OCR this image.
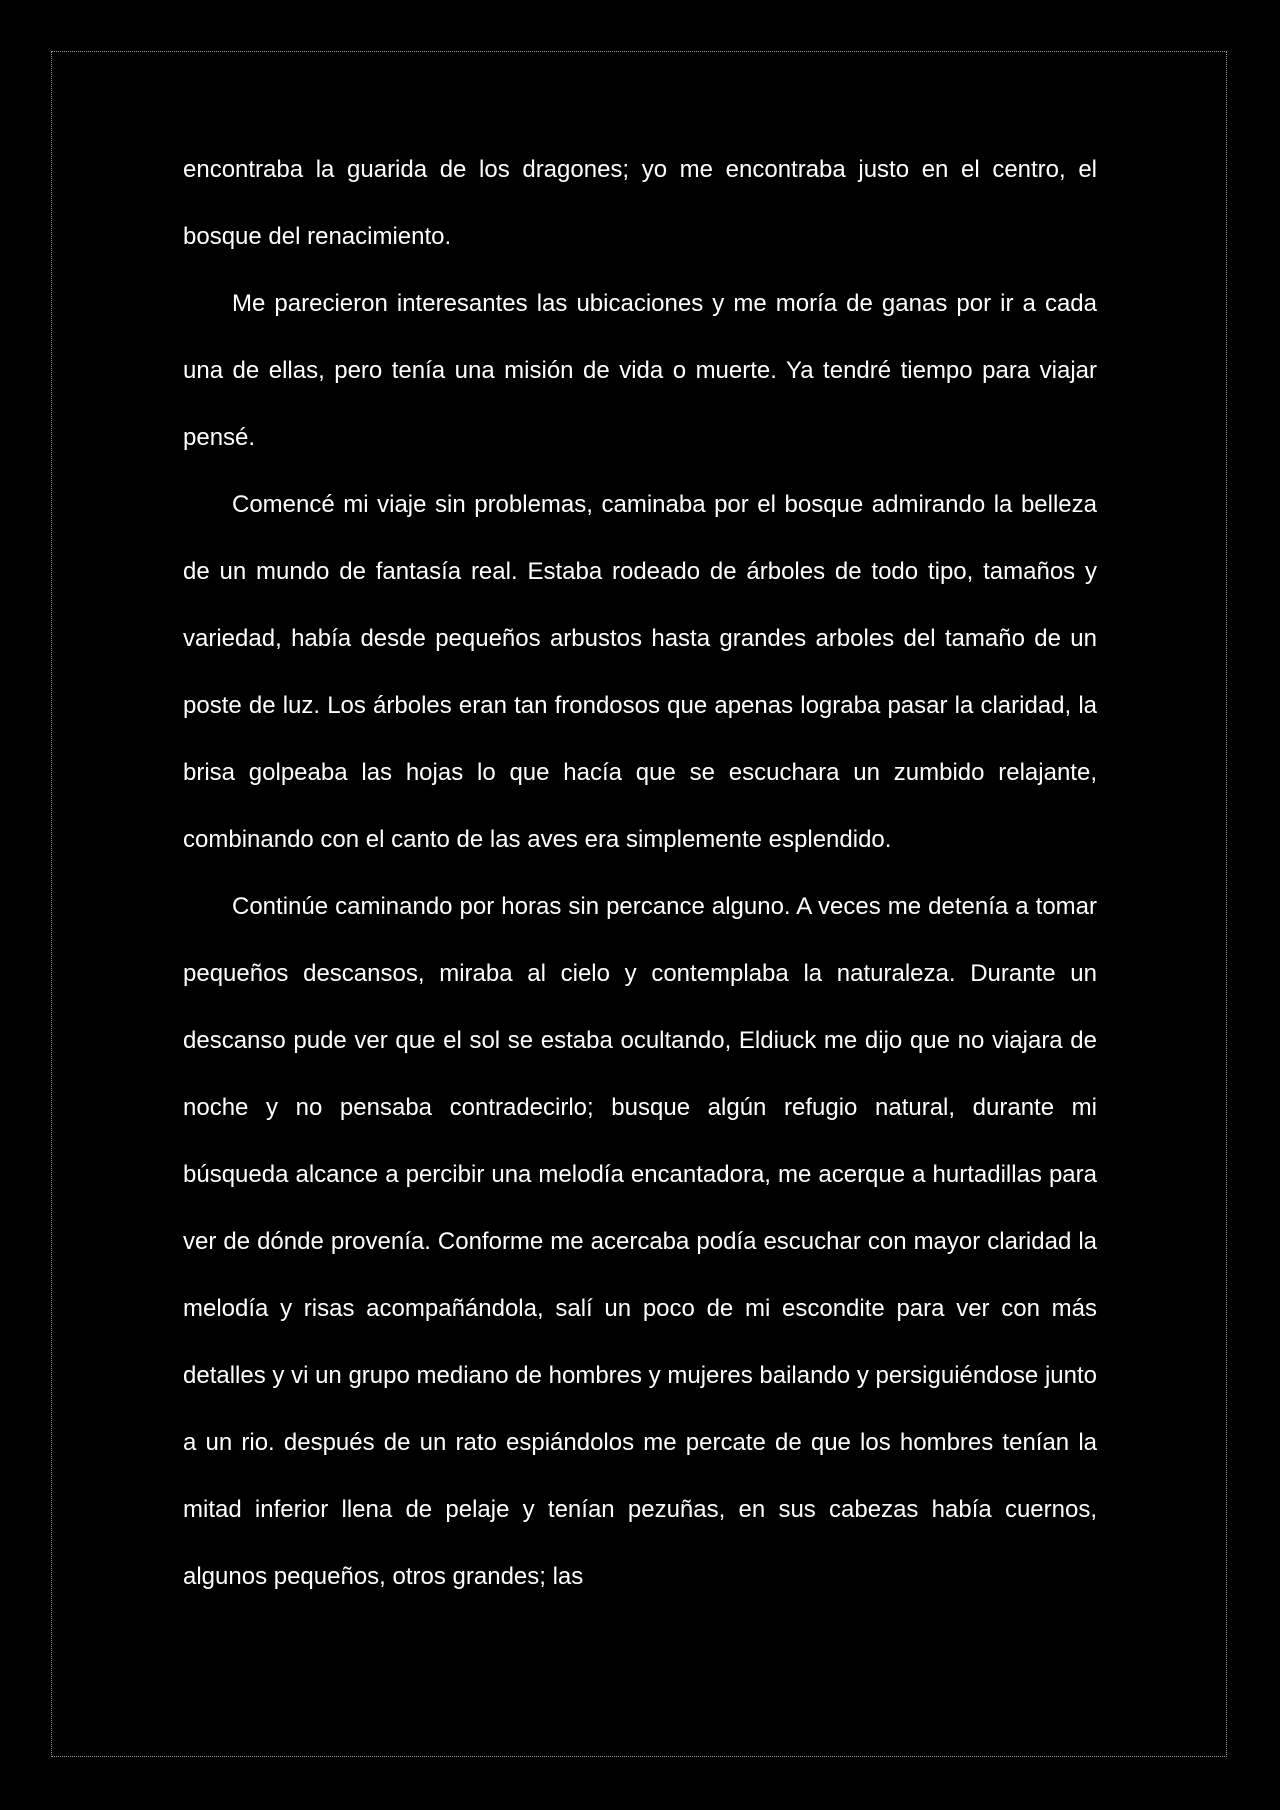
encontraba la guarida de los dragones; yo me encontraba justo en el centro, el bosque del renacimiento.

Me parecieron interesantes las ubicaciones y me moría de ganas por ir a cada una de ellas, pero tenía una misión de vida o muerte. Ya tendré tiempo para viajar pensé.

Comencé mi viaje sin problemas, caminaba por el bosque admirando la belleza de un mundo de fantasía real. Estaba rodeado de árboles de todo tipo, tamaños y variedad, había desde pequeños arbustos hasta grandes arboles del tamaño de un poste de luz. Los árboles eran tan frondosos que apenas lograba pasar la claridad, la brisa golpeaba las hojas lo que hacía que se escuchara un zumbido relajante, combinando con el canto de las aves era simplemente esplendido.

Continúe caminando por horas sin percance alguno. A veces me detenía a tomar pequeños descansos, miraba al cielo y contemplaba la naturaleza. Durante un descanso pude ver que el sol se estaba ocultando, Eldiuck me dijo que no viajara de noche y no pensaba contradecirlo; busque algún refugio natural, durante mi búsqueda alcance a percibir una melodía encantadora, me acerque a hurtadillas para ver de dónde provenía. Conforme me acercaba podía escuchar con mayor claridad la melodía y risas acompañándola, salí un poco de mi escondite para ver con más detalles y vi un grupo mediano de hombres y mujeres bailando y persiguiéndose junto a un rio. después de un rato espiándolos me percate de que los hombres tenían la mitad inferior llena de pelaje y tenían pezuñas, en sus cabezas había cuernos, algunos pequeños, otros grandes; las
